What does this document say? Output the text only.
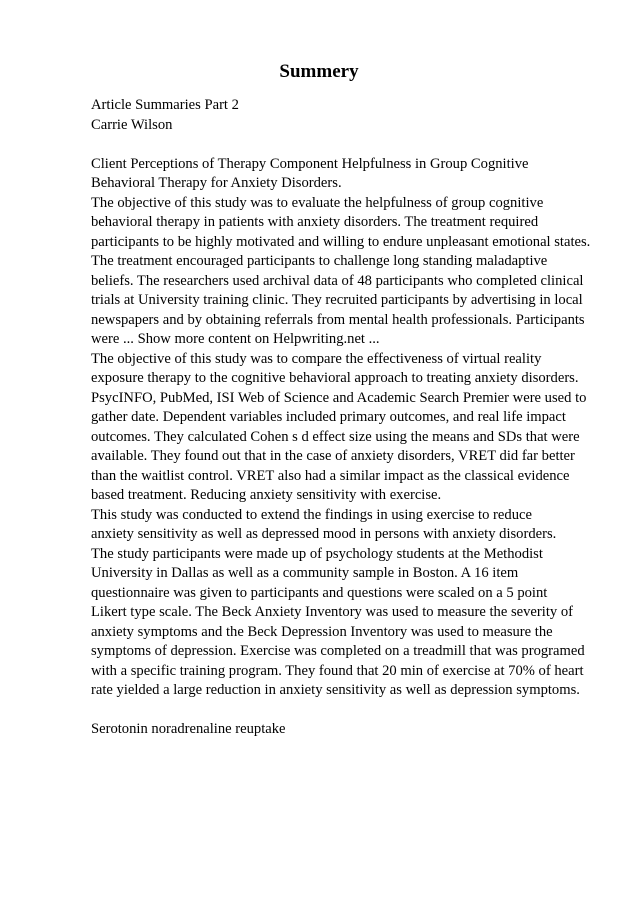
Summery
Article Summaries Part 2
Carrie Wilson
Client Perceptions of Therapy Component Helpfulness in Group Cognitive
Behavioral Therapy for Anxiety Disorders.
The objective of this study was to evaluate the helpfulness of group cognitive
behavioral therapy in patients with anxiety disorders. The treatment required
participants to be highly motivated and willing to endure unpleasant emotional states.
The treatment encouraged participants to challenge long standing maladaptive
beliefs. The researchers used archival data of 48 participants who completed clinical
trials at University training clinic. They recruited participants by advertising in local
newspapers and by obtaining referrals from mental health professionals. Participants
were ... Show more content on Helpwriting.net ...
The objective of this study was to compare the effectiveness of virtual reality
exposure therapy to the cognitive behavioral approach to treating anxiety disorders.
PsycINFO, PubMed, ISI Web of Science and Academic Search Premier were used to
gather date. Dependent variables included primary outcomes, and real life impact
outcomes. They calculated Cohen s d effect size using the means and SDs that were
available. They found out that in the case of anxiety disorders, VRET did far better
than the waitlist control. VRET also had a similar impact as the classical evidence
based treatment. Reducing anxiety sensitivity with exercise.
This study was conducted to extend the findings in using exercise to reduce
anxiety sensitivity as well as depressed mood in persons with anxiety disorders.
The study participants were made up of psychology students at the Methodist
University in Dallas as well as a community sample in Boston. A 16 item
questionnaire was given to participants and questions were scaled on a 5 point
Likert type scale. The Beck Anxiety Inventory was used to measure the severity of
anxiety symptoms and the Beck Depression Inventory was used to measure the
symptoms of depression. Exercise was completed on a treadmill that was programed
with a specific training program. They found that 20 min of exercise at 70% of heart
rate yielded a large reduction in anxiety sensitivity as well as depression symptoms.
Serotonin noradrenaline reuptake
